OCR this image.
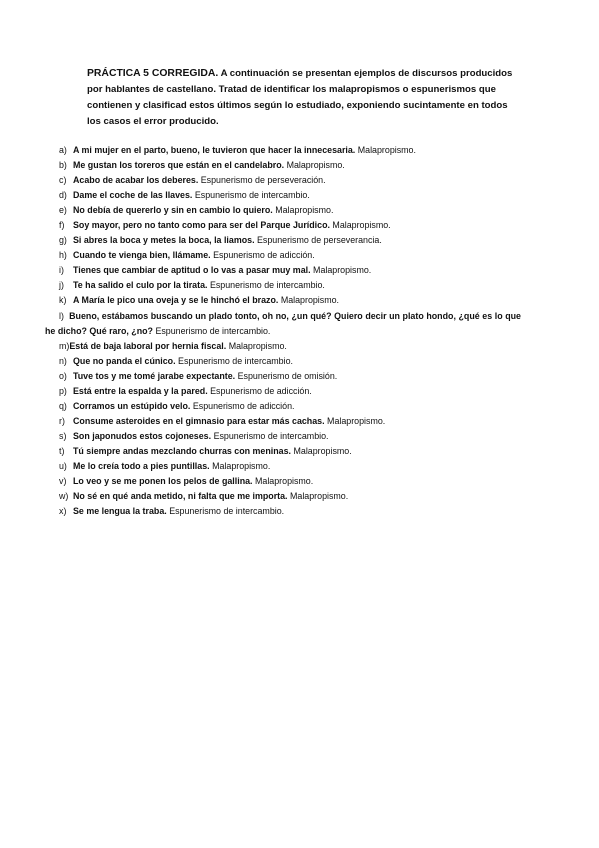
PRÁCTICA 5 CORREGIDA. A continuación se presentan ejemplos de discursos producidos por hablantes de castellano. Tratad de identificar los malapropismos o espunerismos que contienen y clasificad estos últimos según lo estudiado, exponiendo sucintamente en todos los casos el error producido.

a) A mi mujer en el parto, bueno, le tuvieron que hacer la innecesaria. Malapropismo.
b) Me gustan los toreros que están en el candelabro. Malapropismo.
c) Acabo de acabar los deberes. Espunerismo de perseveración.
d) Dame el coche de las llaves. Espunerismo de intercambio.
e) No debía de quererlo y sin en cambio lo quiero. Malapropismo.
f) Soy mayor, pero no tanto como para ser del Parque Jurídico. Malapropismo.
g) Si abres la boca y metes la boca, la liamos. Espunerismo de perseverancia.
h) Cuando te vienga bien, llámame. Espunerismo de adicción.
i)	Tienes que cambiar de aptitud o lo vas a pasar muy mal. Malapropismo.
j)	Te ha salido el culo por la tirata. Espunerismo de intercambio.
k) A María le pico una oveja y se le hinchó el brazo. Malapropismo.
l) Bueno, estábamos buscando un plado tonto, oh no, ¿un qué? Quiero decir un plato hondo, ¿qué es lo que he dicho? Qué raro, ¿no? Espunerismo de intercambio.
m)Está de baja laboral por hernia fiscal. Malapropismo.
n) Que no panda el cúnico. Espunerismo de intercambio.
o) Tuve tos y me tomé jarabe expectante. Espunerismo de omisión.
p) Está entre la espalda y la pared. Espunerismo de adicción.
q) Corramos un estúpido velo. Espunerismo de adicción.
r) Consume asteroides en el gimnasio para estar más cachas. Malapropismo.
s) Son japonudos estos cojoneses. Espunerismo de intercambio.
t) Tú siempre andas mezclando churras con meninas. Malapropismo.
u) Me lo creía todo a pies puntillas. Malapropismo.
v) Lo veo y se me ponen los pelos de gallina. Malapropismo.
w) No sé en qué anda metido, ni falta que me importa. Malapropismo.
x) Se me lengua la traba. Espunerismo de intercambio.
